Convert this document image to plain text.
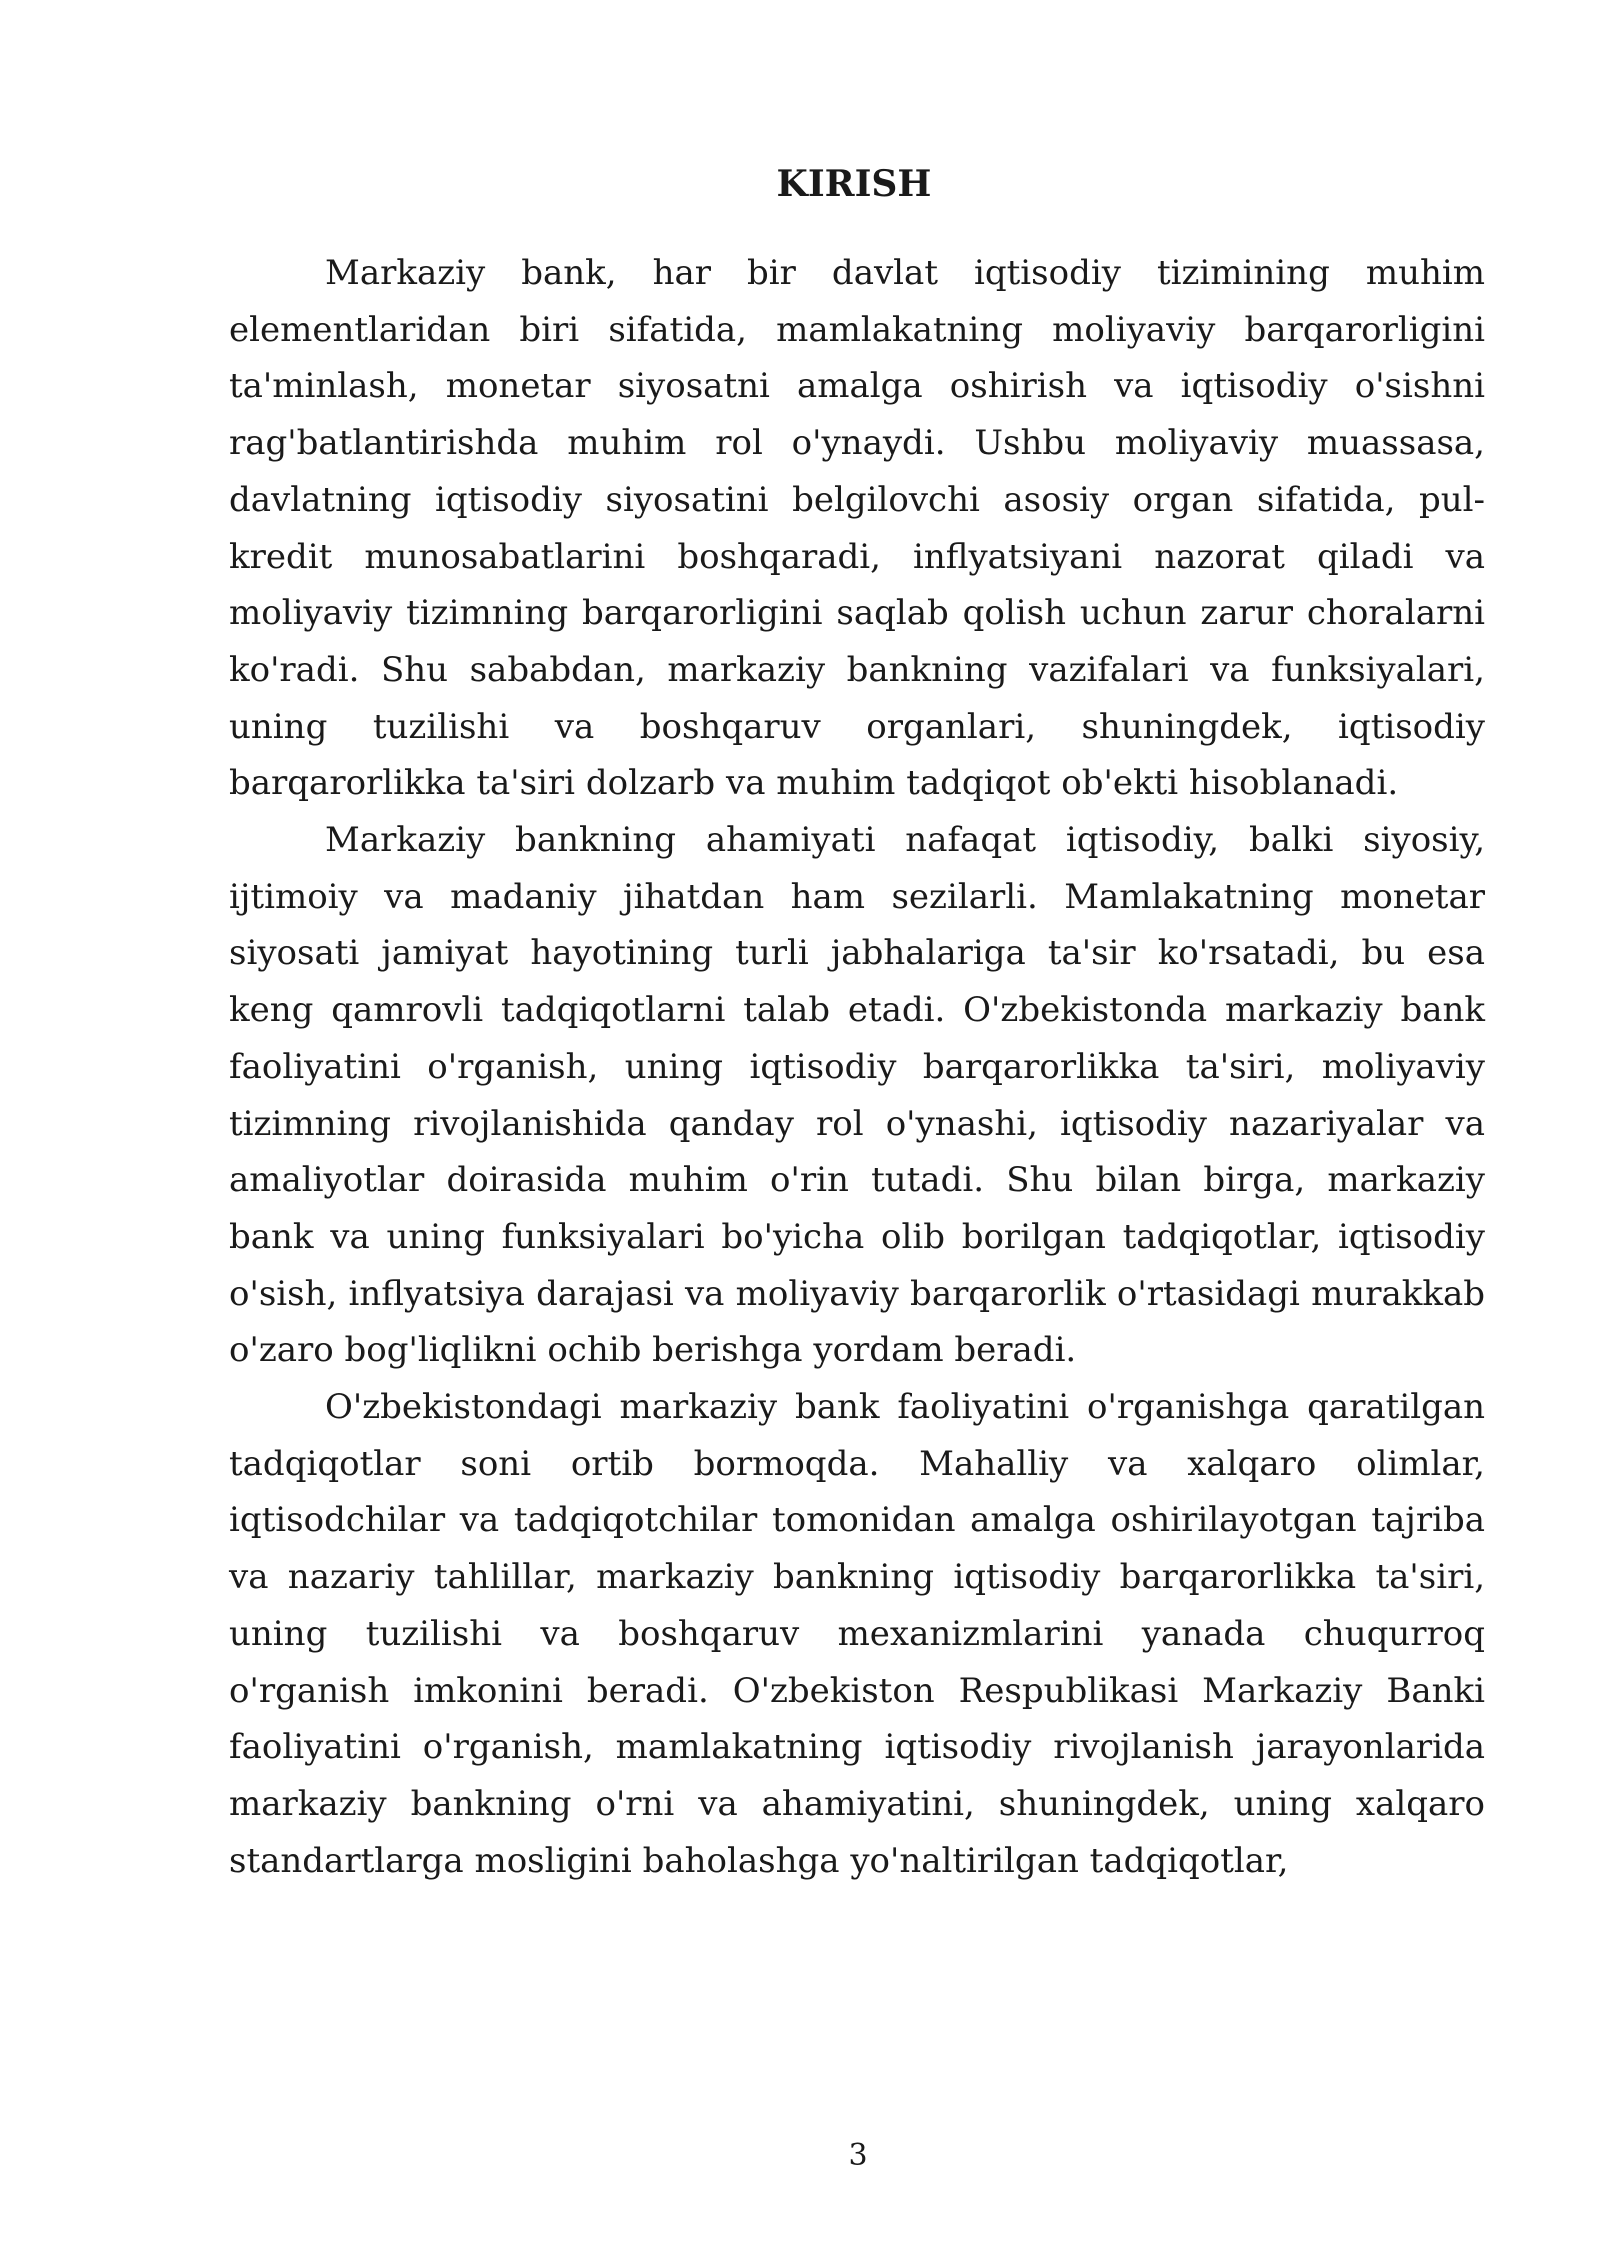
KIRISH

Markaziy bank, har bir davlat iqtisodiy tizimining muhim elementlaridan biri sifatida, mamlakatning moliyaviy barqarorligini ta'minlash, monetar siyosatni amalga oshirish va iqtisodiy o'sishni rag'batlantirishda muhim rol o'ynaydi. Ushbu moliyaviy muassasa, davlatning iqtisodiy siyosatini belgilovchi asosiy organ sifatida, pul-kredit munosabatlarini boshqaradi, inflyatsiyani nazorat qiladi va moliyaviy tizimning barqarorligini saqlab qolish uchun zarur choralarni ko'radi. Shu sababdan, markaziy bankning vazifalari va funksiyalari, uning tuzilishi va boshqaruv organlari, shuningdek, iqtisodiy barqarorlikka ta'siri dolzarb va muhim tadqiqot ob'ekti hisoblanadi.

Markaziy bankning ahamiyati nafaqat iqtisodiy, balki siyosiy, ijtimoiy va madaniy jihatdan ham sezilarli. Mamlakatning monetar siyosati jamiyat hayotining turli jabhalariga ta'sir ko'rsatadi, bu esa keng qamrovli tadqiqotlarni talab etadi. O'zbekistonda markaziy bank faoliyatini o'rganish, uning iqtisodiy barqarorlikka ta'siri, moliyaviy tizimning rivojlanishida qanday rol o'ynashi, iqtisodiy nazariyalar va amaliyotlar doirasida muhim o'rin tutadi. Shu bilan birga, markaziy bank va uning funksiyalari bo'yicha olib borilgan tadqiqotlar, iqtisodiy o'sish, inflyatsiya darajasi va moliyaviy barqarorlik o'rtasidagi murakkab o'zaro bog'liqlikni ochib berishga yordam beradi.

O'zbekistondagi markaziy bank faoliyatini o'rganishga qaratilgan tadqiqotlar soni ortib bormoqda. Mahalliy va xalqaro olimlar, iqtisodchilar va tadqiqotchilar tomonidan amalga oshirilayotgan tajriba va nazariy tahlillar, markaziy bankning iqtisodiy barqarorlikka ta'siri, uning tuzilishi va boshqaruv mexanizmlarini yanada chuqurroq o'rganish imkonini beradi. O'zbekiston Respublikasi Markaziy Banki faoliyatini o'rganish, mamlakatning iqtisodiy rivojlanish jarayonlarida markaziy bankning o'rni va ahamiyatini, shuningdek, uning xalqaro standartlarga mosligini baholashga yo'naltirilgan tadqiqotlar,

3
